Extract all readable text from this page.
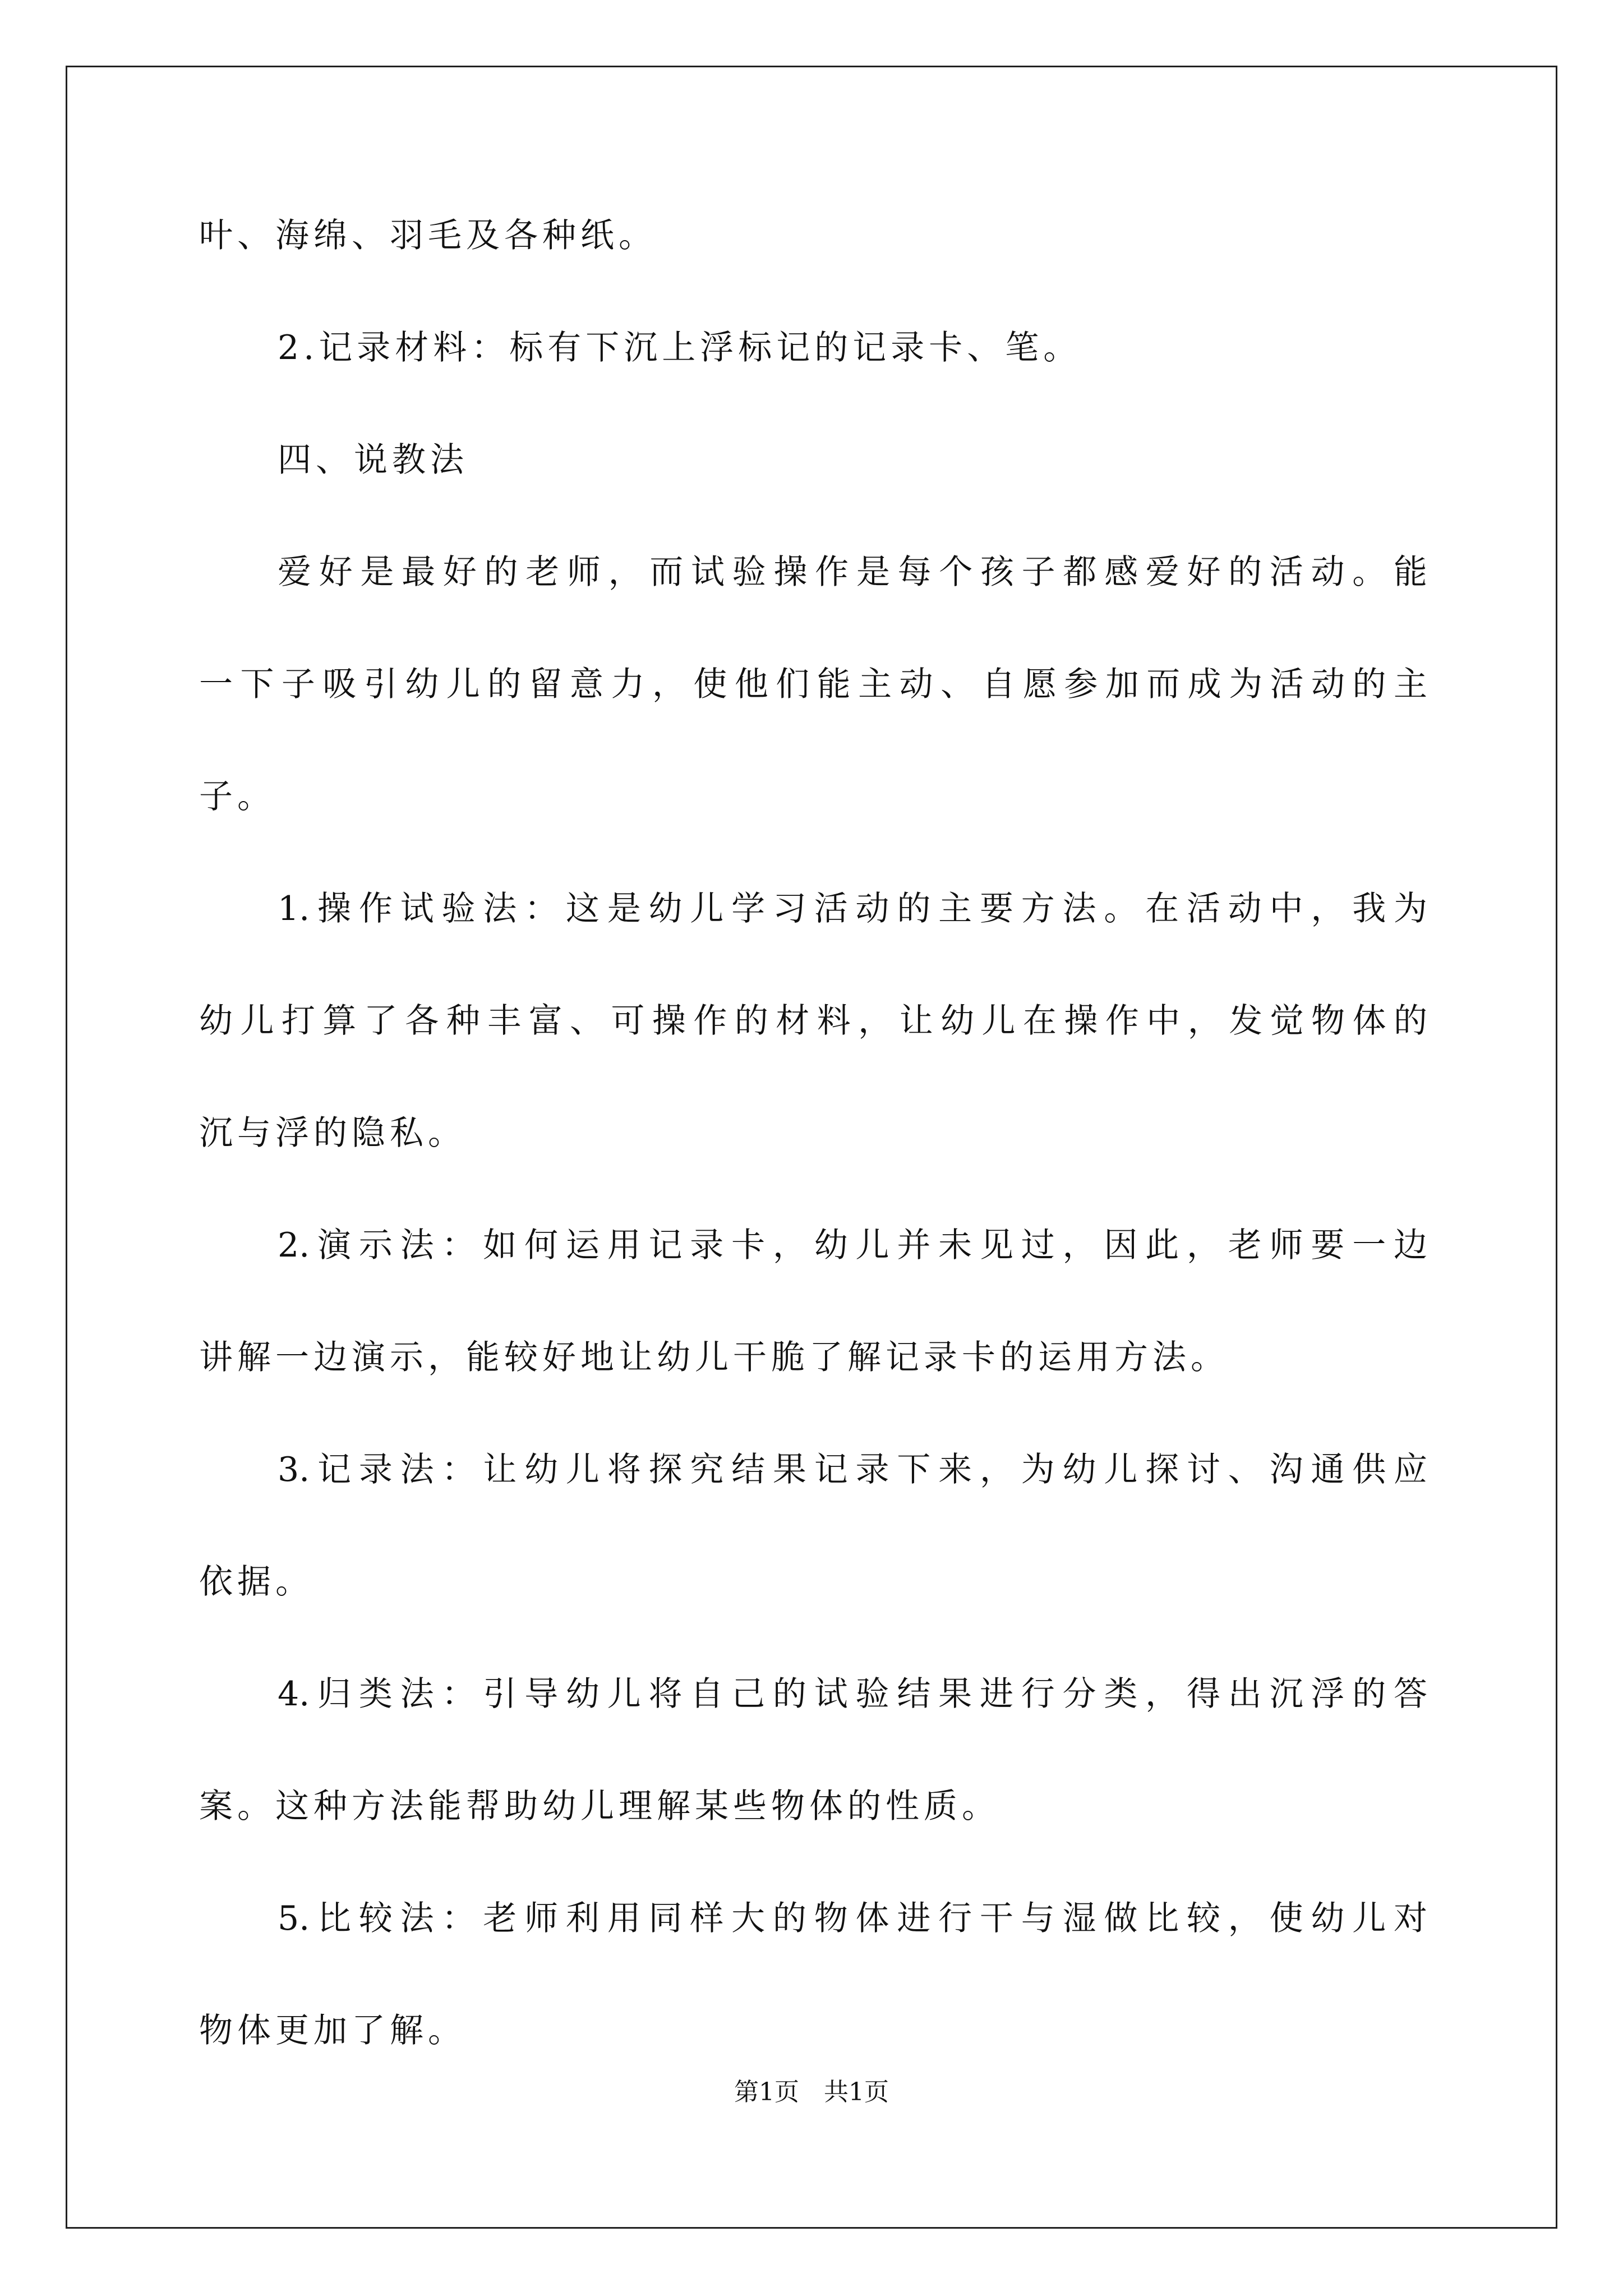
叶、海绵、羽毛及各种纸。
2.记录材料：标有下沉上浮标记的记录卡、笔。
四、说教法
爱好是最好的老师，而试验操作是每个孩子都感爱好的活动。能
一下子吸引幼儿的留意力，使他们能主动、自愿参加而成为活动的主
子。
1.操作试验法：这是幼儿学习活动的主要方法。在活动中，我为
幼儿打算了各种丰富、可操作的材料，让幼儿在操作中，发觉物体的
沉与浮的隐私。
2.演示法：如何运用记录卡，幼儿并未见过，因此，老师要一边
讲解一边演示，能较好地让幼儿干脆了解记录卡的运用方法。
3.记录法：让幼儿将探究结果记录下来，为幼儿探讨、沟通供应
依据。
4.归类法：引导幼儿将自己的试验结果进行分类，得出沉浮的答
案。这种方法能帮助幼儿理解某些物体的性质。
5.比较法：老师利用同样大的物体进行干与湿做比较，使幼儿对
物体更加了解。
第1页　共1页
